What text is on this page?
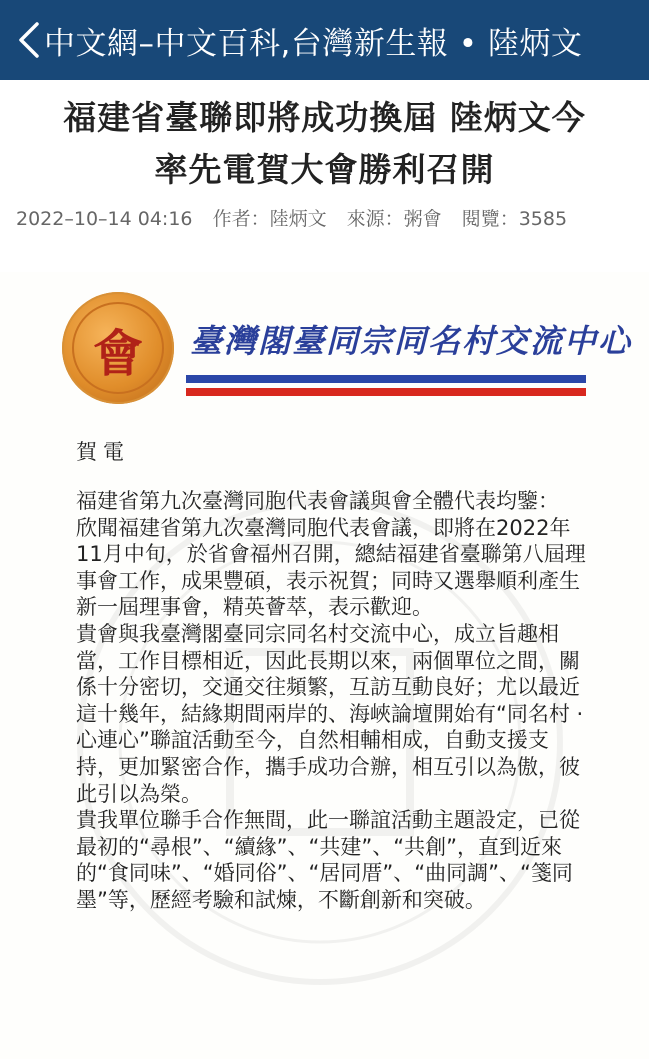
中文網–中文百科,台灣新生報 • 陸炳文
福建省臺聯即將成功換屆 陸炳文今
率先電賀大會勝利召開
2022–10–14 04:16 作者：陸炳文 來源：粥會 閱覽：3585
會	臺灣閣臺同宗同名村交流中心
賀電

福建省第九次臺灣同胞代表會議與會全體代表均鑒：

欣聞福建省第九次臺灣同胞代表會議，即將在2022年11月中旬，於省會福州召開，總結福建省臺聯第八屆理事會工作，成果豐碩，表示祝賀；同時又選舉順利產生新一屆理事會，精英薈萃，表示歡迎。

貴會與我臺灣閣臺同宗同名村交流中心，成立旨趣相當，工作目標相近，因此長期以來，兩個單位之間，關係十分密切，交通交往頻繁，互訪互動良好；尤以最近這十幾年，結緣期間兩岸的、海峽論壇開始有“同名村 · 心連心”聯誼活動至今，自然相輔相成，自動支援支持，更加緊密合作，攜手成功合辦，相互引以為傲，彼此引以為榮。

貴我單位聯手合作無間，此一聯誼活動主題設定，已從最初的“尋根”、“續緣”、“共建”、“共創”，直到近來的“食同味”、“婚同俗”、“居同厝”、“曲同調”、“箋同墨”等，歷經考驗和試煉，不斷創新和突破。
